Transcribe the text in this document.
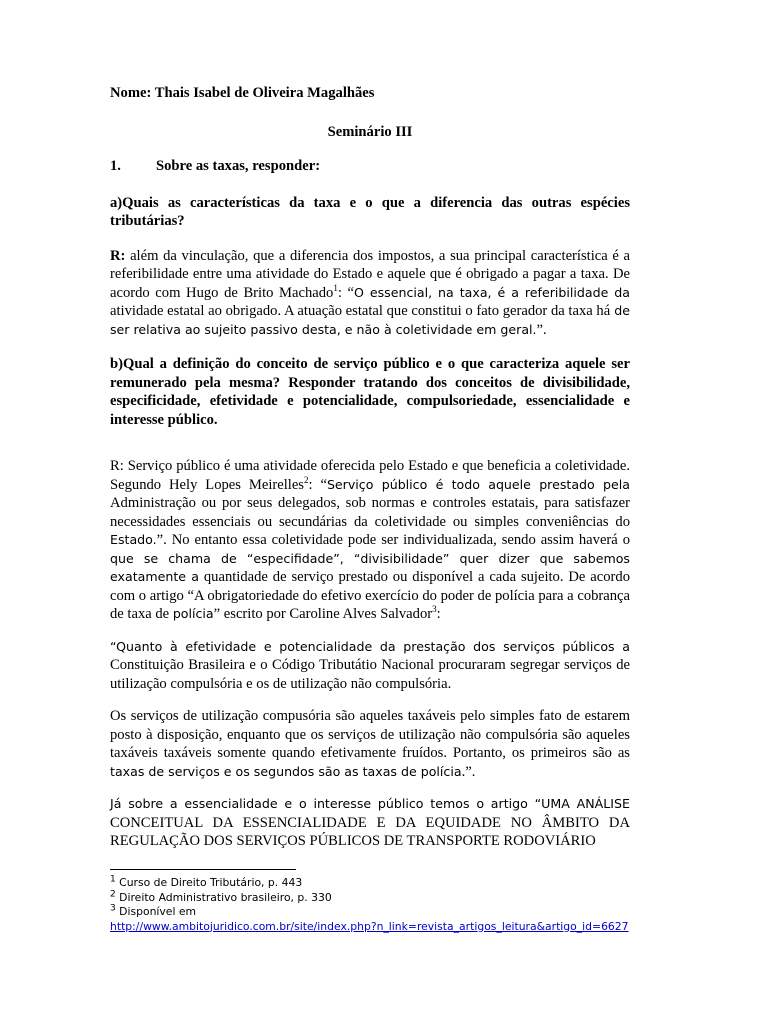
Nome: Thais Isabel de Oliveira Magalhães

Seminário III

1. Sobre as taxas, responder:

a)Quais as características da taxa e o que a diferencia das outras espécies tributárias?

R: além da vinculação, que a diferencia dos impostos, a sua principal característica é a referibilidade entre uma atividade do Estado e aquele que é obrigado a pagar a taxa. De acordo com Hugo de Brito Machado$^1$: “O essencial, na taxa, é a referibilidade da atividade estatal ao obrigado. A atuação estatal que constitui o fato gerador da taxa há de ser relativa ao sujeito passivo desta, e não à coletividade em geral.”.

b)Qual a definição do conceito de serviço público e o que caracteriza aquele ser remunerado pela mesma? Responder tratando dos conceitos de divisibilidade, especificidade, efetividade e potencialidade, compulsoriedade, essencialidade e interesse público.

R: Serviço público é uma atividade oferecida pelo Estado e que beneficia a coletividade. Segundo Hely Lopes Meirelles$^2$: “Serviço público é todo aquele prestado pela Administração ou por seus delegados, sob normas e controles estatais, para satisfazer necessidades essenciais ou secundárias da coletividade ou simples conveniências do Estado.”. No entanto essa coletividade pode ser individualizada, sendo assim haverá o que se chama de “especifidade”, “divisibilidade” quer dizer que sabemos exatamente a quantidade de serviço prestado ou disponível a cada sujeito. De acordo com o artigo “A obrigatoriedade do efetivo exercício do poder de polícia para a cobrança de taxa de polícia” escrito por Caroline Alves Salvador$^3$:

“Quanto à efetividade e potencialidade da prestação dos serviços públicos a Constituição Brasileira e o Código Tributátio Nacional procuraram segregar serviços de utilização compulsória e os de utilização não compulsória.

Os serviços de utilização compusória são aqueles taxáveis pelo simples fato de estarem posto à disposição, enquanto que os serviços de utilização não compulsória são aqueles taxáveis taxáveis somente quando efetivamente fruídos. Portanto, os primeiros são as taxas de serviços e os segundos são as taxas de polícia.”.

Já sobre a essencialidade e o interesse público temos o artigo “UMA ANÁLISE CONCEITUAL DA ESSENCIALIDADE E DA EQUIDADE NO ÂMBITO DA REGULAÇÃO DOS SERVIÇOS PÚBLICOS DE TRANSPORTE RODOVIÁRIO

$^1$ Curso de Direito Tributário, p. 443
$^2$ Direito Administrativo brasileiro, p. 330
$^3$ Disponível em
http://www.ambitojuridico.com.br/site/index.php?n_link=revista_artigos_leitura&artigo_id=6627
